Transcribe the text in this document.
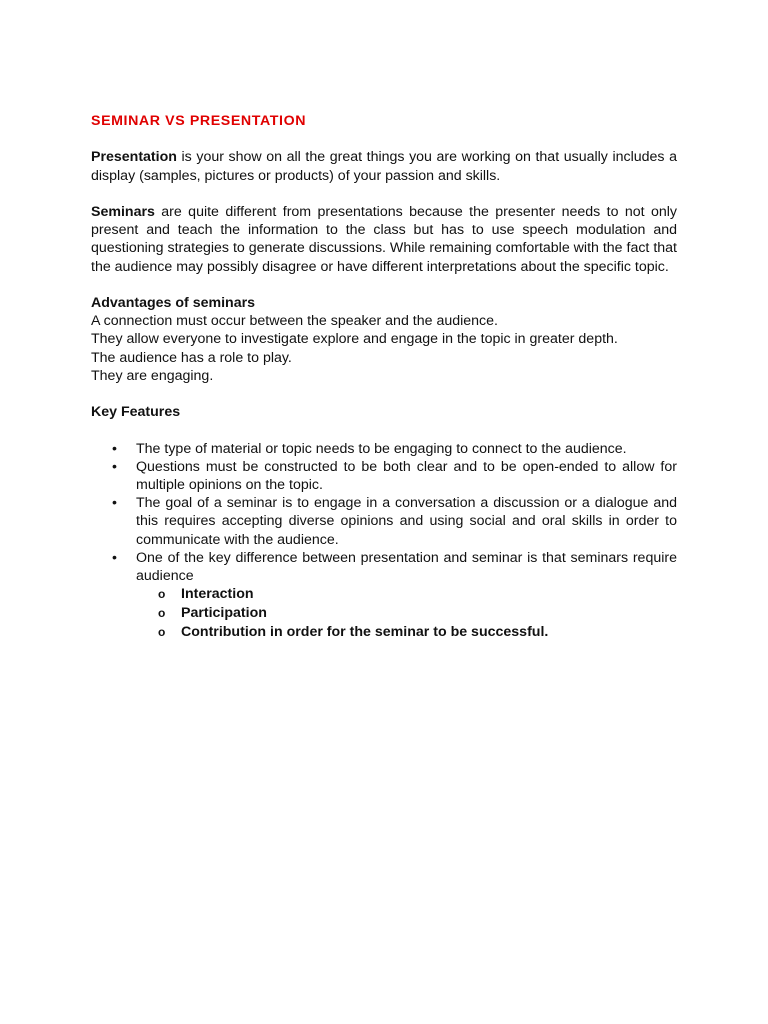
SEMINAR VS PRESENTATION

Presentation is your show on all the great things you are working on that usually includes a display (samples, pictures or products) of your passion and skills.

Seminars are quite different from presentations because the presenter needs to not only present and teach the information to the class but has to use speech modulation and questioning strategies to generate discussions. While remaining comfortable with the fact that the audience may possibly disagree or have different interpretations about the specific topic.

Advantages of seminars
A connection must occur between the speaker and the audience.
They allow everyone to investigate explore and engage in the topic in greater depth.
The audience has a role to play.
They are engaging.
Key Features
• The type of material or topic needs to be engaging to connect to the audience.
• Questions must be constructed to be both clear and to be open-ended to allow for multiple opinions on the topic.
• The goal of a seminar is to engage in a conversation a discussion or a dialogue and this requires accepting diverse opinions and using social and oral skills in order to communicate with the audience.
• One of the key difference between presentation and seminar is that seminars require audience
o Interaction
o Participation
o Contribution in order for the seminar to be successful.
